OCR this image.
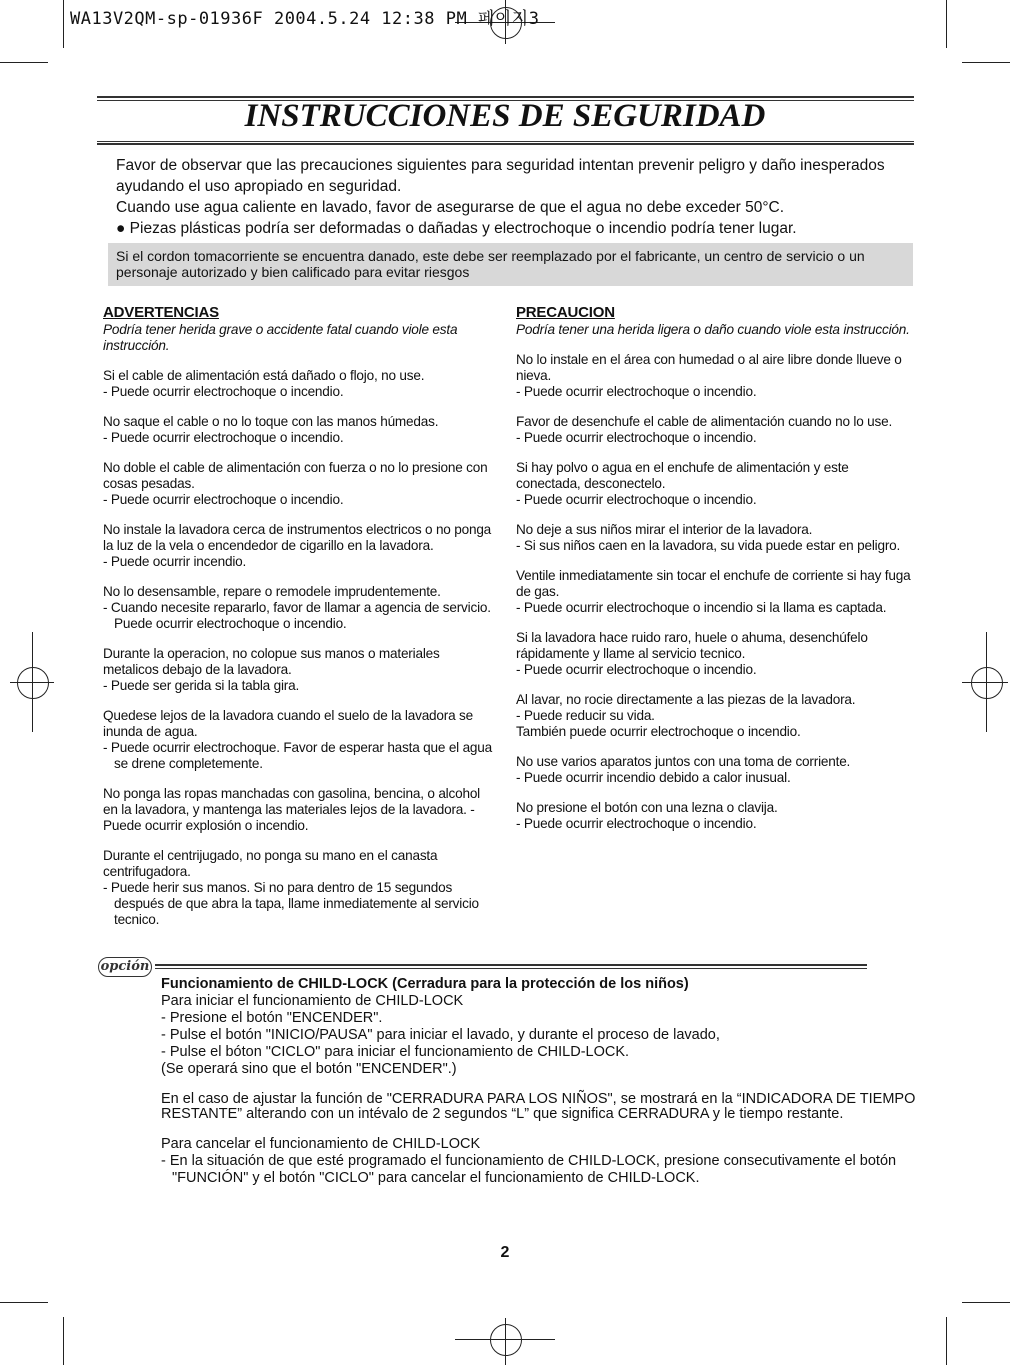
WA13V2QM-sp-01936F 2004.5.24 12:38 PM 페이지3
INSTRUCCIONES DE SEGURIDAD

Favor de observar que las precauciones siguientes para seguridad intentan prevenir peligro y daño inesperados

ayudando el uso apropiado en seguridad.

Cuando use agua caliente en lavado, favor de asegurarse de que el agua no debe exceder 50°C.

● Piezas plásticas podría ser deformadas o dañadas y electrochoque o incendio podría tener lugar.

Si el cordon tomacorriente se encuentra danado, este debe ser reemplazado por el fabricante, un centro de servicio o un personaje autorizado y bien calificado para evitar riesgos
ADVERTENCIAS
Podría tener herida grave o accidente fatal cuando viole esta instrucción.
Si el cable de alimentación está dañado o flojo, no use.
- Puede ocurrir electrochoque o incendio.
No saque el cable o no lo toque con las manos húmedas.
- Puede ocurrir electrochoque o incendio.
No doble el cable de alimentación con fuerza o no lo presione con cosas pesadas.
- Puede ocurrir electrochoque o incendio.
No instale la lavadora cerca de instrumentos electricos o no ponga la luz de la vela o encendedor de cigarillo en la lavadora.
- Puede ocurrir incendio.
No lo desensamble, repare o remodele imprudentemente.
- Cuando necesite repararlo, favor de llamar a agencia de servicio. Puede ocurrir electrochoque o incendio.
Durante la operacion, no colopue sus manos o materiales metalicos debajo de la lavadora.
- Puede ser gerida si la tabla gira.
Quedese lejos de la lavadora cuando el suelo de la lavadora se inunda de agua.
- Puede ocurrir electrochoque. Favor de esperar hasta que el agua se drene completemente.
No ponga las ropas manchadas con gasolina, bencina, o alcohol en la lavadora, y mantenga las materiales lejos de la lavadora. - Puede ocurrir explosión o incendio.
Durante el centrijugado, no ponga su mano en el canasta centrifugadora.
- Puede herir sus manos. Si no para dentro de 15 segundos después de que abra la tapa, llame inmediatemente al servicio tecnico.
PRECAUCION
Podría tener una herida ligera o daño cuando viole esta instrucción.
No lo instale en el área con humedad o al aire libre donde llueve o nieva.
- Puede ocurrir electrochoque o incendio.
Favor de desenchufe el cable de alimentación cuando no lo use.
- Puede ocurrir electrochoque o incendio.
Si hay polvo o agua en el enchufe de alimentación y este conectada, desconectelo.
- Puede ocurrir electrochoque o incendio.
No deje a sus niños mirar el interior de la lavadora.
- Si sus niños caen en la lavadora, su vida puede estar en peligro.
Ventile inmediatamente sin tocar el enchufe de corriente si hay fuga de gas.
- Puede ocurrir electrochoque o incendio si la llama es captada.
Si la lavadora hace ruido raro, huele o ahuma, desenchúfelo rápidamente y llame al servicio tecnico.
- Puede ocurrir electrochoque o incendio.
Al lavar, no rocie directamente a las piezas de la lavadora.
- Puede reducir su vida.
También puede ocurrir electrochoque o incendio.
No use varios aparatos juntos con una toma de corriente.
- Puede ocurrir incendio debido a calor inusual.
No presione el botón con una lezna o clavija.
- Puede ocurrir electrochoque o incendio.
opción
Funcionamiento de CHILD-LOCK (Cerradura para la protección de los niños)
Para iniciar el funcionamiento de CHILD-LOCK
- Presione el botón "ENCENDER".
- Pulse el botón "INICIO/PAUSA" para iniciar el lavado, y durante el proceso de lavado,
- Pulse el bóton "CICLO" para iniciar el funcionamiento de CHILD-LOCK.
(Se operará sino que el botón "ENCENDER".)
En el caso de ajustar la función de "CERRADURA PARA LOS NIÑOS", se mostrará en la “INDICADORA DE TIEMPO RESTANTE” alterando con un intévalo de 2 segundos “L” que significa CERRADURA y le tiempo restante.
Para cancelar el funcionamiento de CHILD-LOCK
- En la situación de que esté programado el funcionamiento de CHILD-LOCK, presione consecutivamente el botón "FUNCIÓN" y el botón "CICLO" para cancelar el funcionamiento de CHILD-LOCK.
2
